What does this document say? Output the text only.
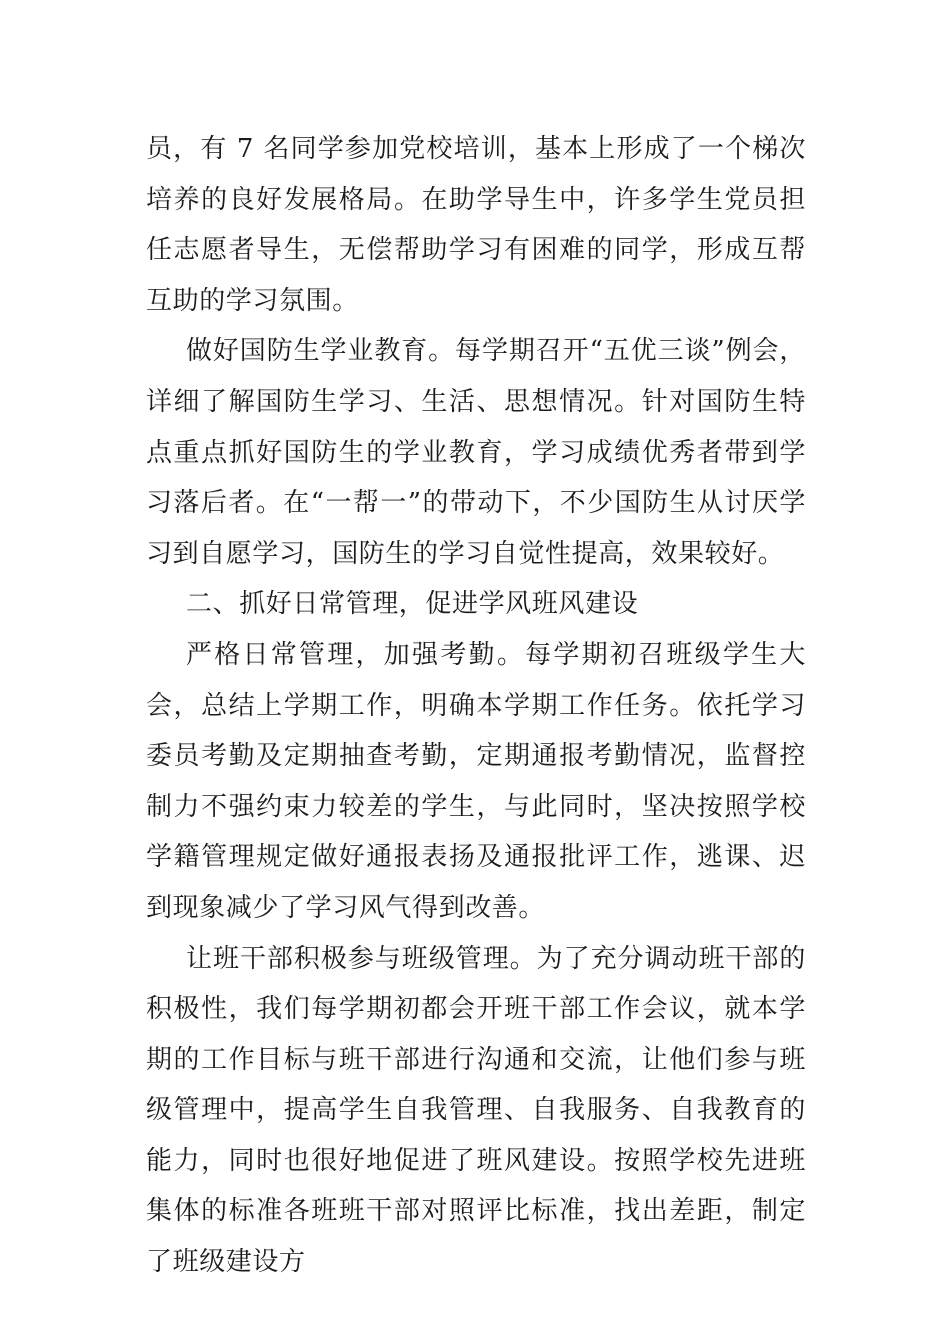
员，有 7 名同学参加党校培训，基本上形成了一个梯次培养的良好发展格局。在助学导生中，许多学生党员担任志愿者导生，无偿帮助学习有困难的同学，形成互帮互助的学习氛围。

做好国防生学业教育。每学期召开“五优三谈”例会，详细了解国防生学习、生活、思想情况。针对国防生特点重点抓好国防生的学业教育，学习成绩优秀者带到学习落后者。在“一帮一”的带动下，不少国防生从讨厌学习到自愿学习，国防生的学习自觉性提高，效果较好。

二、抓好日常管理，促进学风班风建设

严格日常管理，加强考勤。每学期初召班级学生大会，总结上学期工作，明确本学期工作任务。依托学习委员考勤及定期抽查考勤，定期通报考勤情况，监督控制力不强约束力较差的学生，与此同时，坚决按照学校学籍管理规定做好通报表扬及通报批评工作，逃课、迟到现象减少了学习风气得到改善。

让班干部积极参与班级管理。为了充分调动班干部的积极性，我们每学期初都会开班干部工作会议，就本学期的工作目标与班干部进行沟通和交流，让他们参与班级管理中，提高学生自我管理、自我服务、自我教育的能力，同时也很好地促进了班风建设。按照学校先进班集体的标准各班班干部对照评比标准，找出差距，制定了班级建设方
